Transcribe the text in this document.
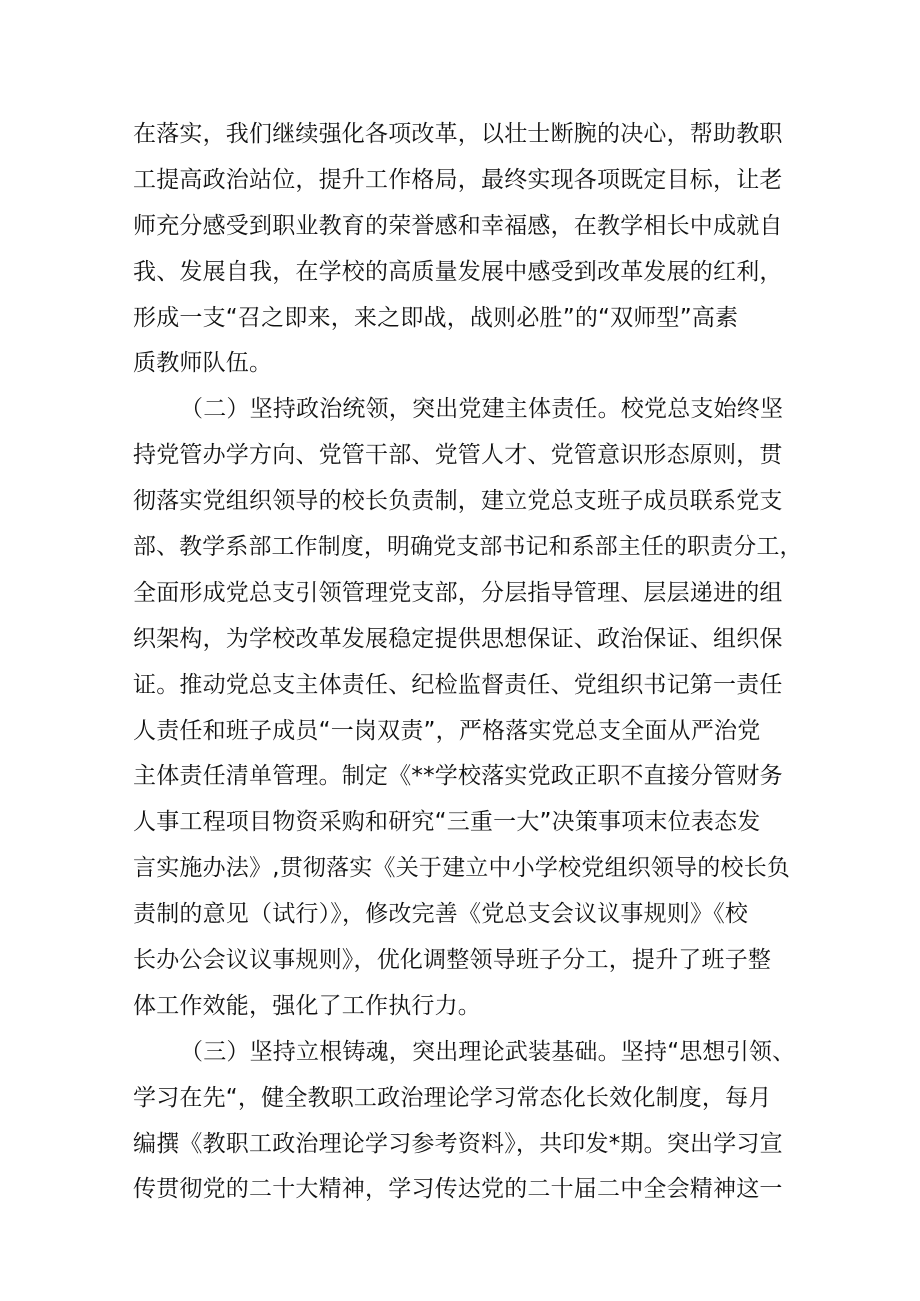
在落实，我们继续强化各项改革，以壮士断腕的决心，帮助教职
工提高政治站位，提升工作格局，最终实现各项既定目标，让老
师充分感受到职业教育的荣誉感和幸福感，在教学相长中成就自
我、发展自我，在学校的高质量发展中感受到改革发展的红利，
形成一支“召之即来，来之即战，战则必胜”的“双师型”高素
质教师队伍。
（二）坚持政治统领，突出党建主体责任。校党总支始终坚
持党管办学方向、党管干部、党管人才、党管意识形态原则，贯
彻落实党组织领导的校长负责制，建立党总支班子成员联系党支
部、教学系部工作制度，明确党支部书记和系部主任的职责分工，
全面形成党总支引领管理党支部，分层指导管理、层层递进的组
织架构，为学校改革发展稳定提供思想保证、政治保证、组织保
证。推动党总支主体责任、纪检监督责任、党组织书记第一责任
人责任和班子成员“一岗双责”，严格落实党总支全面从严治党
主体责任清单管理。制定《**学校落实党政正职不直接分管财务
人事工程项目物资采购和研究“三重一大”决策事项末位表态发
言实施办法》,贯彻落实《关于建立中小学校党组织领导的校长负
责制的意见（试行）》，修改完善《党总支会议议事规则》《校
长办公会议议事规则》，优化调整领导班子分工，提升了班子整
体工作效能，强化了工作执行力。
（三）坚持立根铸魂，突出理论武装基础。坚持“思想引领、
学习在先“，健全教职工政治理论学习常态化长效化制度，每月
编撰《教职工政治理论学习参考资料》，共印发*期。突出学习宣
传贯彻党的二十大精神，学习传达党的二十届二中全会精神这一
